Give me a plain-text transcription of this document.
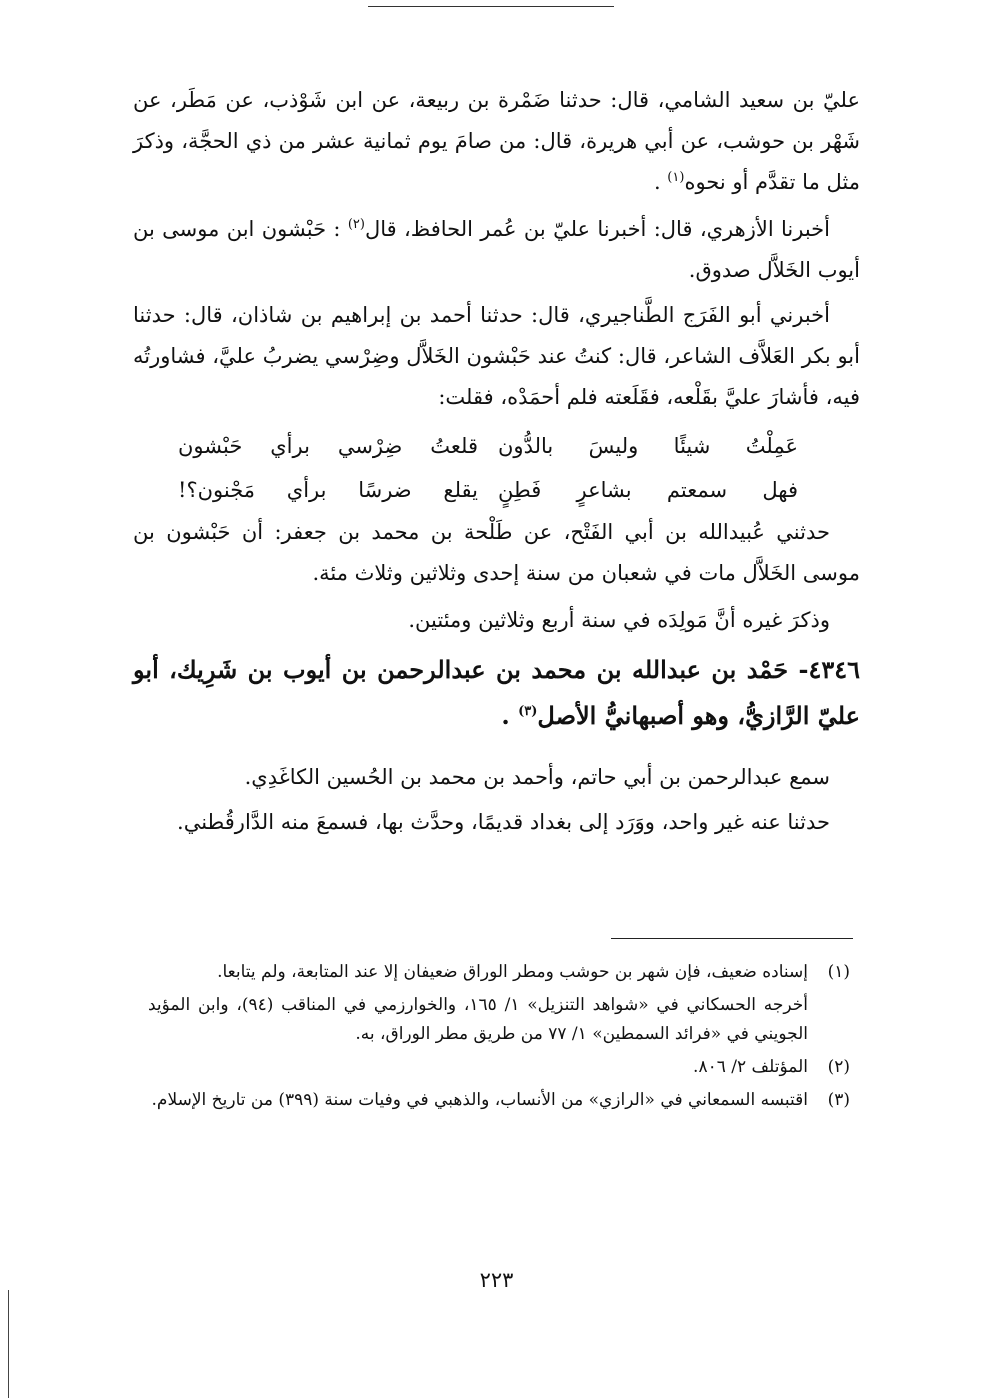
عليّ بن سعيد الشامي، قال: حدثنا ضَمْرة بن ربيعة، عن ابن شَوْذب، عن مَطَر، عن شَهْر بن حوشب، عن أبي هريرة، قال: من صامَ يوم ثمانية عشر من ذي الحجَّة، وذكرَ مثل ما تقدَّم أو نحوه$^{(١)}$ .

أخبرنا الأزهري، قال: أخبرنا عليّ بن عُمر الحافظ، قال$^{(٢)}$ : حَبْشون ابن موسى بن أيوب الخَلاَّل صدوق.

أخبرني أبو الفَرَج الطَّناجيري، قال: حدثنا أحمد بن إبراهيم بن شاذان، قال: حدثنا أبو بكر العَلاَّف الشاعر، قال: كنتُ عند حَبْشون الخَلاَّل وضِرْسي يضربُ عليَّ، فشاورتُه فيه، فأشارَ عليَّ بقَلْعه، فقَلَعته فلم أحمَدْه، فقلت:

عَمِلْتُ شيئًا وليسَ بالدُّونقلعتُ ضِرْسي برأي حَبْشون
فهل سمعتم بشاعرٍ فَطِنٍيقلع ضرسًا برأي مَجْنون؟!

حدثني عُبيدالله بن أبي الفَتْح، عن طَلْحة بن محمد بن جعفر: أن حَبْشون بن موسى الخَلاَّل مات في شعبان من سنة إحدى وثلاثين وثلاث مئة.

وذكرَ غيره أنَّ مَولِدَه في سنة أربع وثلاثين ومئتين.

٤٣٤٦- حَمْد بن عبدالله بن محمد بن عبدالرحمن بن أيوب بن شَرِيك، أبو عليّ الرَّازيُّ، وهو أصبهانيُّ الأصل$^{(٣)}$ .

سمع عبدالرحمن بن أبي حاتم، وأحمد بن محمد بن الحُسين الكاغَدِي.

حدثنا عنه غير واحد، ووَرَد إلى بغداد قديمًا، وحدَّث بها، فسمعَ منه الدَّارقُطني.

(١)
إسناده ضعيف، فإن شهر بن حوشب ومطر الوراق ضعيفان إلا عند المتابعة، ولم يتابعا.

أخرجه الحسكاني في «شواهد التنزيل» ١/ ١٦٥، والخوارزمي في المناقب (٩٤)، وابن المؤيد الجويني في «فرائد السمطين» ١/ ٧٧ من طريق مطر الوراق، به.

(٢)
المؤتلف ٢/ ٨٠٦.

(٣)
اقتبسه السمعاني في «الرازي» من الأنساب، والذهبي في وفيات سنة (٣٩٩) من تاريخ الإسلام.

٢٢٣
